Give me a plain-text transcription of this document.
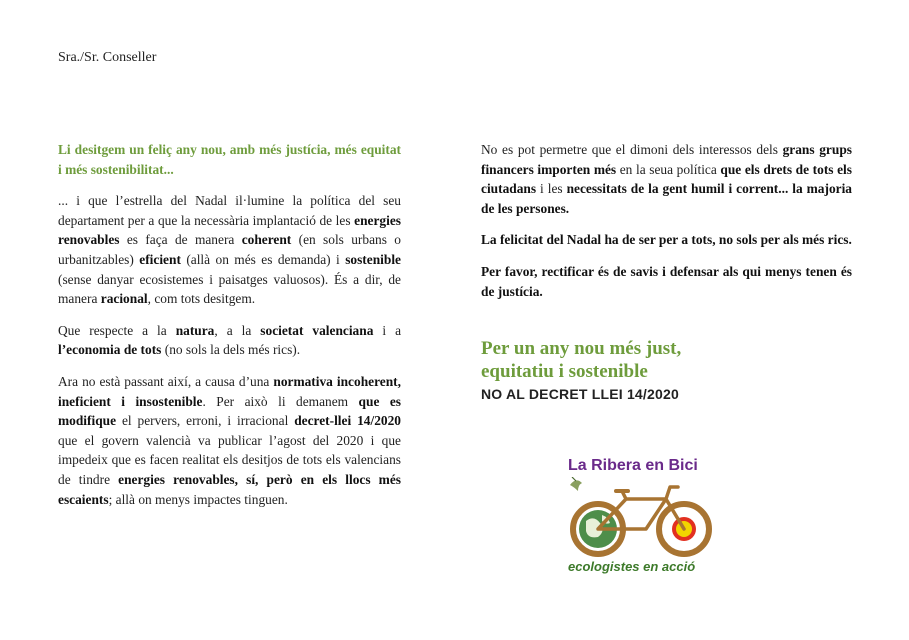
Sra./Sr. Conseller

Li desitgem un feliç any nou, amb més justícia, més equitat i més sostenibilitat...

... i que l’estrella del Nadal il·lumine la política del seu departament per a que la necessària implantació de les energies renovables es faça de manera coherent (en sols urbans o urbanitzables) eficient (allà on més es demanda) i sostenible (sense danyar ecosistemes i paisatges valuosos). És a dir, de manera racional, com tots desitgem.

Que respecte a la natura, a la societat valenciana i a l’economia de tots (no sols la dels més rics).

Ara no està passant així, a causa d’una normativa incoherent, ineficient i insostenible. Per això li demanem que es modifique el pervers, erroni, i irracional decret-llei 14/2020 que el govern valencià va publicar l’agost del 2020 i que impedeix que es facen realitat els desitjos de tots els valencians de tindre energies renovables, sí, però en els llocs més escaients; allà on menys impactes tinguen.

No es pot permetre que el dimoni dels interessos dels grans grups financers importen més en la seua política que els drets de tots els ciutadans i les necessitats de la gent humil i corrent... la majoria de les persones.

La felicitat del Nadal ha de ser per a tots, no sols per als més rics.

Per favor, rectificar és de savis i defensar als qui menys tenen és de justícia.

Per un any nou més just,
equitatiu i sostenible
NO AL DECRET LLEI 14/2020
La Ribera en Bici
ecologistes en acció
